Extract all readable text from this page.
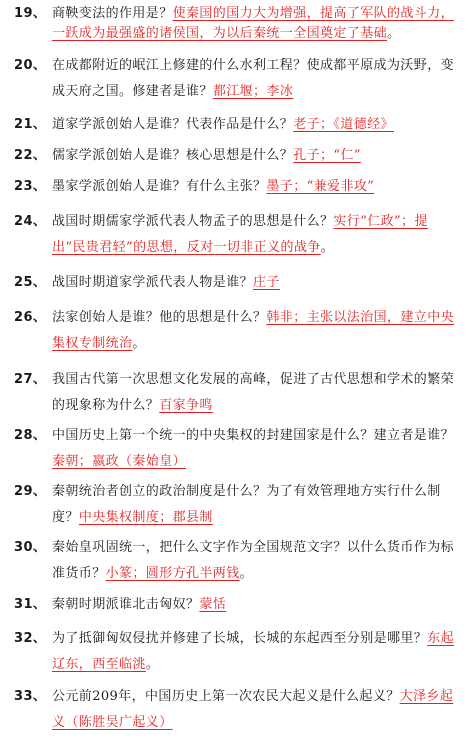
19、 商鞅变法的作用是？使秦国的国力大为增强，提高了军队的战斗力，一跃成为最强盛的诸侯国，为以后秦统一全国奠定了基础。
20、 在成都附近的岷江上修建的什么水利工程？使成都平原成为沃野，变成天府之国。修建者是谁？都江堰；李冰
21、 道家学派创始人是谁？代表作品是什么？老子；《道德经》
22、 儒家学派创始人是谁？核心思想是什么？孔子；“仁”
23、 墨家学派创始人是谁？有什么主张？墨子；“兼爱非攻”
24、 战国时期儒家学派代表人物孟子的思想是什么？实行“仁政”；提出“民贵君轻”的思想，反对一切非正义的战争。
25、 战国时期道家学派代表人物是谁？庄子
26、 法家创始人是谁？他的思想是什么？韩非；主张以法治国，建立中央集权专制统治。
27、 我国古代第一次思想文化发展的高峰，促进了古代思想和学术的繁荣的现象称为什么？百家争鸣
28、 中国历史上第一个统一的中央集权的封建国家是什么？建立者是谁？秦朝；嬴政（秦始皇）
29、 秦朝统治者创立的政治制度是什么？为了有效管理地方实行什么制度？中央集权制度；郡县制
30、 秦始皇巩固统一，把什么文字作为全国规范文字？以什么货币作为标准货币？小篆；圆形方孔半两钱。
31、 秦朝时期派谁北击匈奴？蒙恬
32、 为了抵御匈奴侵扰并修建了长城，长城的东起西至分别是哪里？东起辽东，西至临洮。
33、 公元前209年，中国历史上第一次农民大起义是什么起义？大泽乡起义（陈胜吴广起义）
